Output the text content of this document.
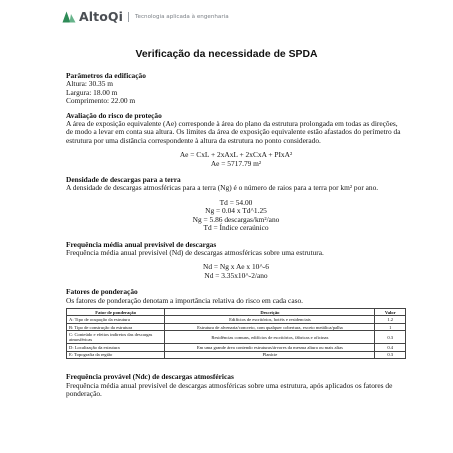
AltoQi Tecnologia aplicada à engenharia
Verificação da necessidade de SPDA

Parâmetros da edificação

Altura: 30.35 m

Largura: 18.00 m

Comprimento: 22.00 m

Avaliação do risco de proteção

A área de exposição equivalente (Ae) corresponde à área do plano da estrutura prolongada em todas as direções, de modo a levar em conta sua altura. Os limites da área de exposição equivalente estão afastados do perímetro da estrutura por uma distância correspondente à altura da estrutura no ponto considerado.

Ae = CxL + 2xAxL + 2xCxA + PIxA²

Ae = 5717.79 m²

Densidade de descargas para a terra

A densidade de descargas atmosféricas para a terra (Ng) é o número de raios para a terra por km² por ano.

Td = 54.00

Ng = 0.04 x Td^1.25

Ng = 5.86 descargas/km²/ano

Td = Índice ceraúnico

Frequência média anual previsível de descargas

Frequência média anual previsível (Nd) de descargas atmosféricas sobre uma estrutura.

Nd = Ng x Ae x 10^-6

Nd = 3.35x10^-2/ano

Fatores de ponderação

Os fatores de ponderação denotam a importância relativa do risco em cada caso.

Fator de ponderação	Descrição	Valor
A: Tipo de ocupação da estrutura	Edifícios de escritórios, hotéis e residenciais	1.2
B: Tipo de construção da estrutura	Estrutura de alvenaria/concreto, com qualquer cobertura, exceto metálica/palha	1
C: Conteúdo e efeitos indiretos das descargas atmosféricas	Residências comuns, edifícios de escritórios, fábricas e oficinas	0.3
D: Localização da estrutura	Em uma grande área contendo estruturas/árvores da mesma altura ou mais altas	0.4
E: Topografia da região	Planície	0.3

Frequência provável (Ndc) de descargas atmosféricas

Frequência média anual previsível de descargas atmosféricas sobre uma estrutura, após aplicados os fatores de ponderação.
